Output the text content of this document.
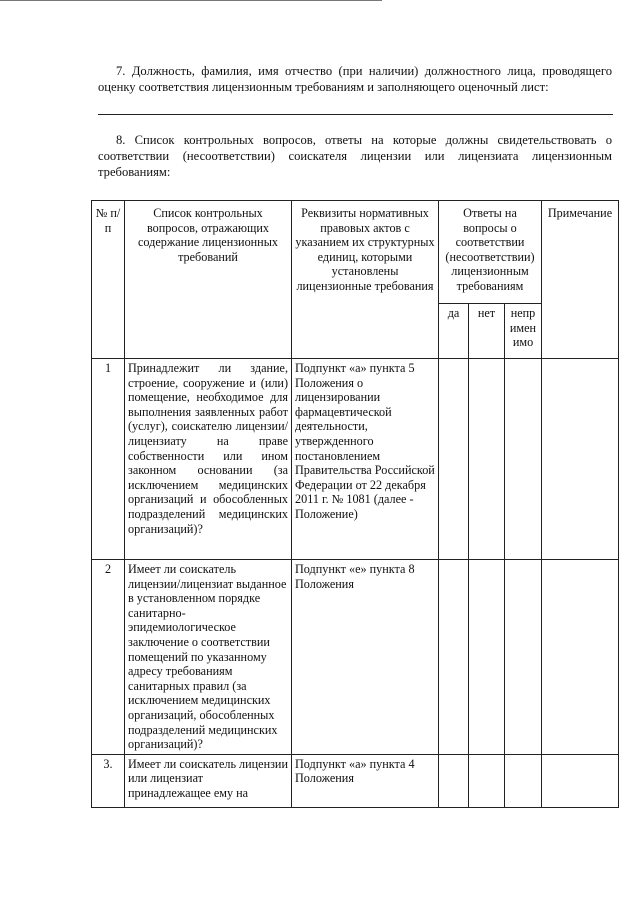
7. Должность, фамилия, имя отчество (при наличии) должностного лица, проводящего оценку соответствия лицензионным требованиям и заполняющего оценочный лист:
8. Список контрольных вопросов, ответы на которые должны свидетельствовать о соответствии (несоответствии) соискателя лицензии или лицензиата лицензионным требованиям:
№ п/п	Список контрольных вопросов, отражающих содержание лицензионных требований	Реквизиты нормативных правовых актов с указанием их структурных единиц, которыми установлены лицензионные требования	Ответы на вопросы о соответствии (несоответствии) лицензионным требованиям			Примечание
			да	нет	непр имен имо	
1	Принадлежит ли здание, строение, сооружение и (или) помещение, необходимое для выполнения заявленных работ (услуг), соискателю лицензии/лицензиату на праве собственности или ином законном основании (за исключением медицинских организаций и обособленных подразделений медицинских организаций)?	Подпункт «а» пункта 5 Положения о лицензировании фармацевтической деятельности, утвержденного постановлением Правительства Российской Федерации от 22 декабря 2011 г. № 1081 (далее - Положение)				
2	Имеет ли соискатель лицензии/лицензиат выданное в установленном порядке санитарно-эпидемиологическое заключение о соответствии помещений по указанному адресу требованиям санитарных правил (за исключением медицинских организаций, обособленных подразделений медицинских организаций)?	Подпункт «е» пункта 8 Положения				
3.	Имеет ли соискатель лицензии или лицензиат принадлежащее ему на	Подпункт «а» пункта 4 Положения				
